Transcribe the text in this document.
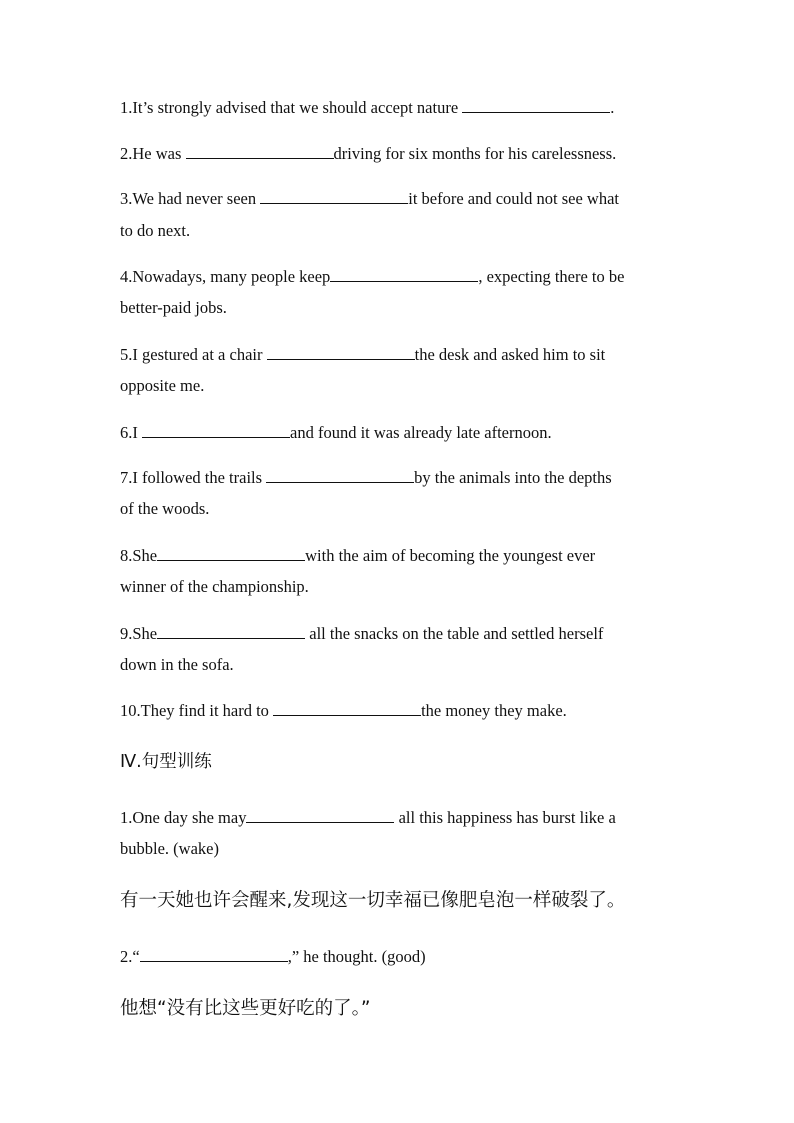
1.It’s strongly advised that we should accept nature	.
2.He was	driving for six months for his carelessness.
3.We had never seen	it before and could not see what
to do next.
4.Nowadays, many people keep	, expecting there to be
better-paid jobs.
5.I gestured at a chair	the desk and asked him to sit
opposite me.
6.I	and found it was already late afternoon.
7.I followed the trails	by the animals into the depths
of the woods.
8.She	with the aim of becoming the youngest ever
winner of the championship.
9.She	all the snacks on the table and settled herself
down in the sofa.
10.They find it hard to	the money they make.
Ⅳ.句型训练
1.One day she may	all this happiness has burst like a
bubble. (wake)
有一天她也许会醒来,发现这一切幸福已像肥皂泡一样破裂了。
2.“	,” he thought. (good)
他想“没有比这些更好吃的了。”
